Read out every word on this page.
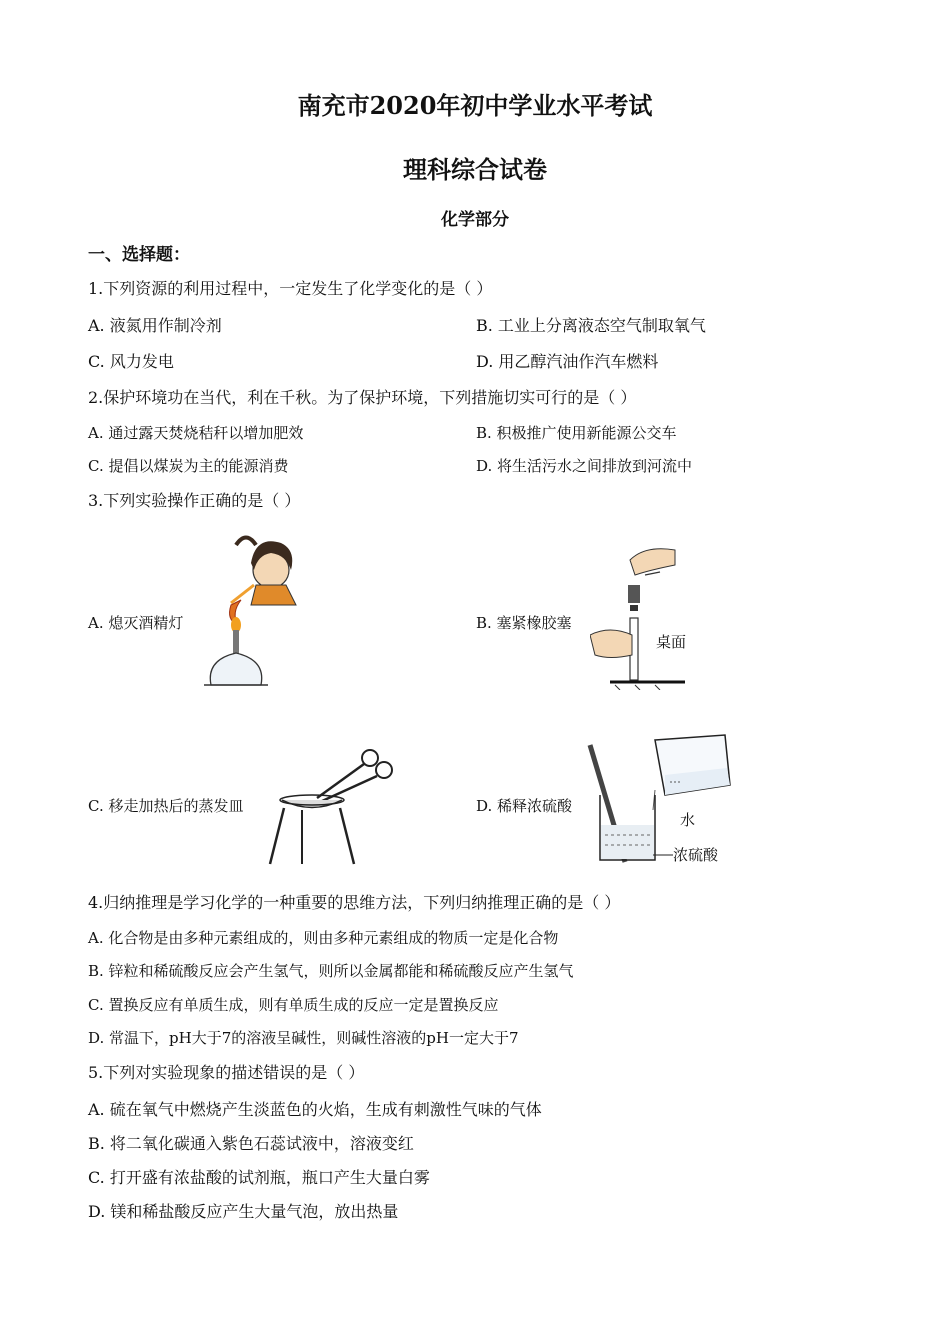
南充市2020年初中学业水平考试
理科综合试卷
化学部分
一、选择题：
1.下列资源的利用过程中，一定发生了化学变化的是（ ）
A. 液氮用作制冷剂	B. 工业上分离液态空气制取氧气
C. 风力发电	D. 用乙醇汽油作汽车燃料
2.保护环境功在当代，利在千秋。为了保护环境，下列措施切实可行的是（ ）
A. 通过露天焚烧秸秆以增加肥效	B. 积极推广使用新能源公交车
C. 提倡以煤炭为主的能源消费	D. 将生活污水之间排放到河流中
3.下列实验操作正确的是（ ）
A. 熄灭酒精灯	B. 塞紧橡胶塞
C. 移走加热后的蒸发皿	D. 稀释浓硫酸
桌面
水
浓硫酸
4.归纳推理是学习化学的一种重要的思维方法，下列归纳推理正确的是（ ）
A. 化合物是由多种元素组成的，则由多种元素组成的物质一定是化合物
B. 锌粒和稀硫酸反应会产生氢气，则所以金属都能和稀硫酸反应产生氢气
C. 置换反应有单质生成，则有单质生成的反应一定是置换反应
D. 常温下，pH大于7的溶液呈碱性，则碱性溶液的pH一定大于7
5.下列对实验现象的描述错误的是（ ）
A. 硫在氧气中燃烧产生淡蓝色的火焰，生成有刺激性气味的气体
B. 将二氧化碳通入紫色石蕊试液中，溶液变红
C. 打开盛有浓盐酸的试剂瓶，瓶口产生大量白雾
D. 镁和稀盐酸反应产生大量气泡，放出热量
